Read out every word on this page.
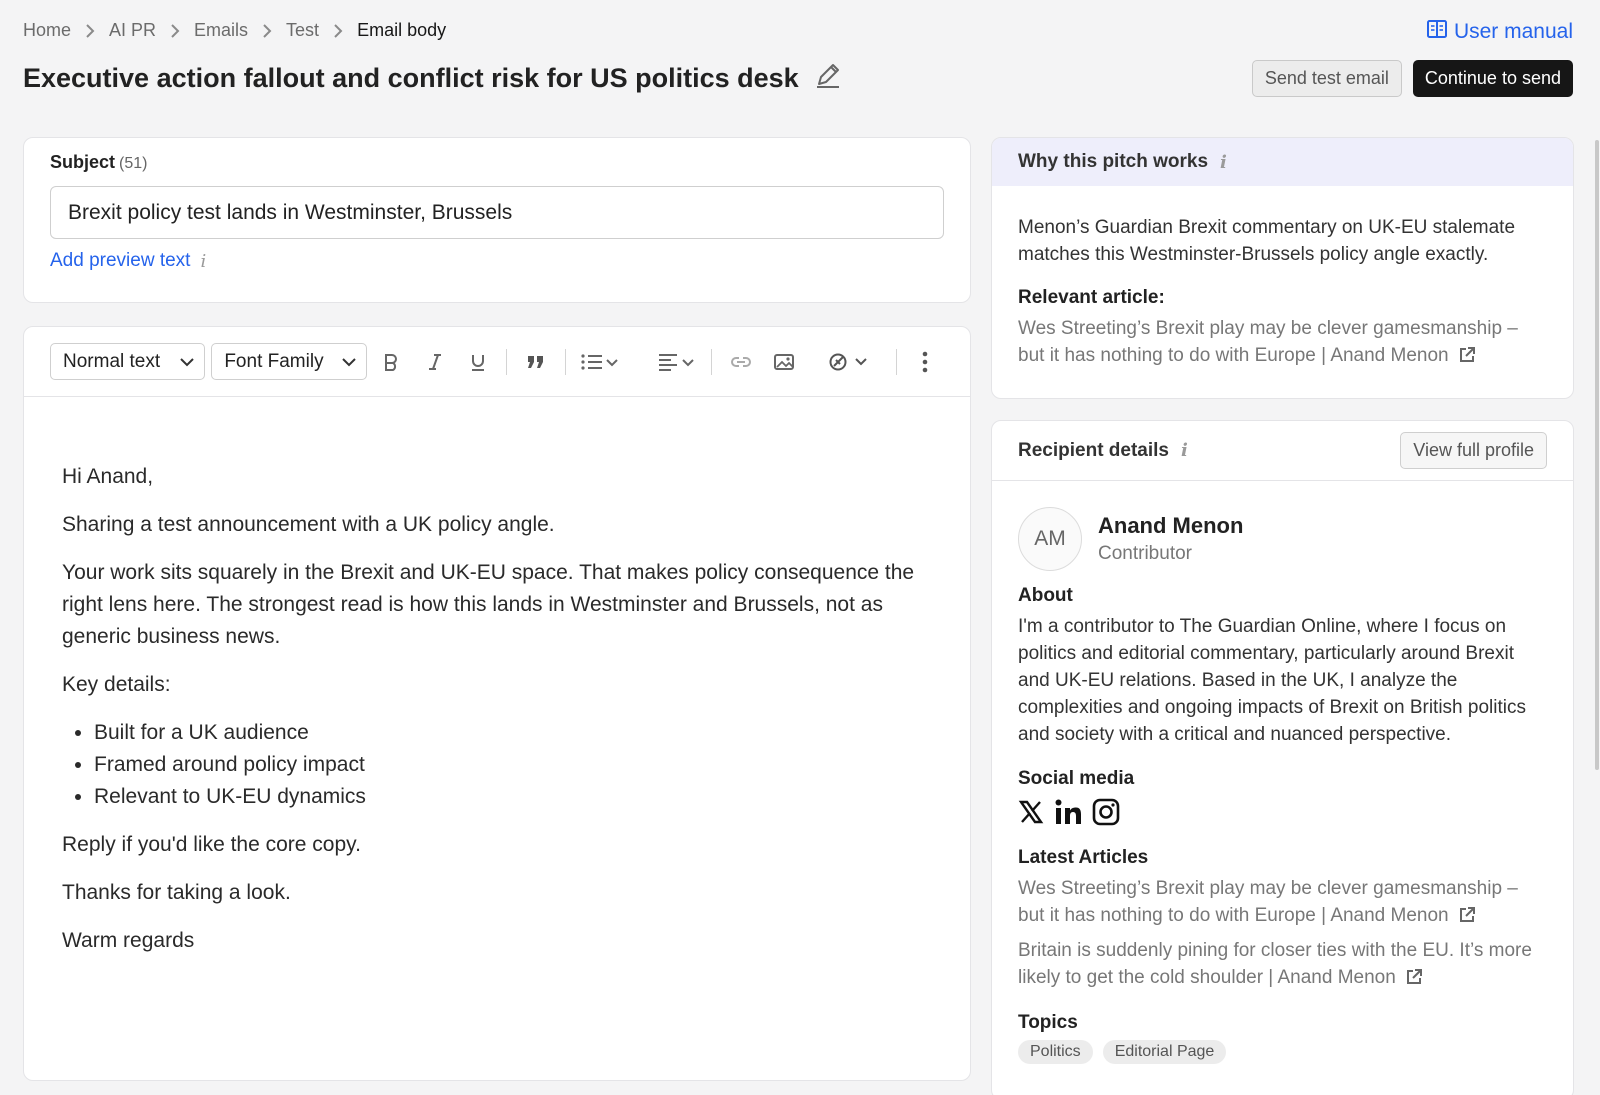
Home AI PR Emails Test Email body	User manual
Executive action fallout and conflict risk for US politics desk	Send test email	Continue to send
Subject (51)
Brexit policy test lands in Westminster, Brussels
Add preview text i
Normal text	Font Family

Hi Anand,

Sharing a test announcement with a UK policy angle.

Your work sits squarely in the Brexit and UK-EU space. That makes policy consequence the right lens here. The strongest read is how this lands in Westminster and Brussels, not as generic business news.

Key details:

• Built for a UK audience
• Framed around policy impact
• Relevant to UK-EU dynamics

Reply if you'd like the core copy.

Thanks for taking a look.

Warm regards

Why this pitch works i
Menon’s Guardian Brexit commentary on UK-EU stalemate matches this Westminster-Brussels policy angle exactly.
Relevant article:
Wes Streeting’s Brexit play may be clever gamesmanship – but it has nothing to do with Europe | Anand Menon
Recipient details i	View full profile
AM
Anand Menon
Contributor
About
I'm a contributor to The Guardian Online, where I focus on politics and editorial commentary, particularly around Brexit and UK-EU relations. Based in the UK, I analyze the complexities and ongoing impacts of Brexit on British politics and society with a critical and nuanced perspective.
Social media
Latest Articles
Wes Streeting’s Brexit play may be clever gamesmanship – but it has nothing to do with Europe | Anand Menon
Britain is suddenly pining for closer ties with the EU. It’s more likely to get the cold shoulder | Anand Menon
Topics
Politics	Editorial Page
